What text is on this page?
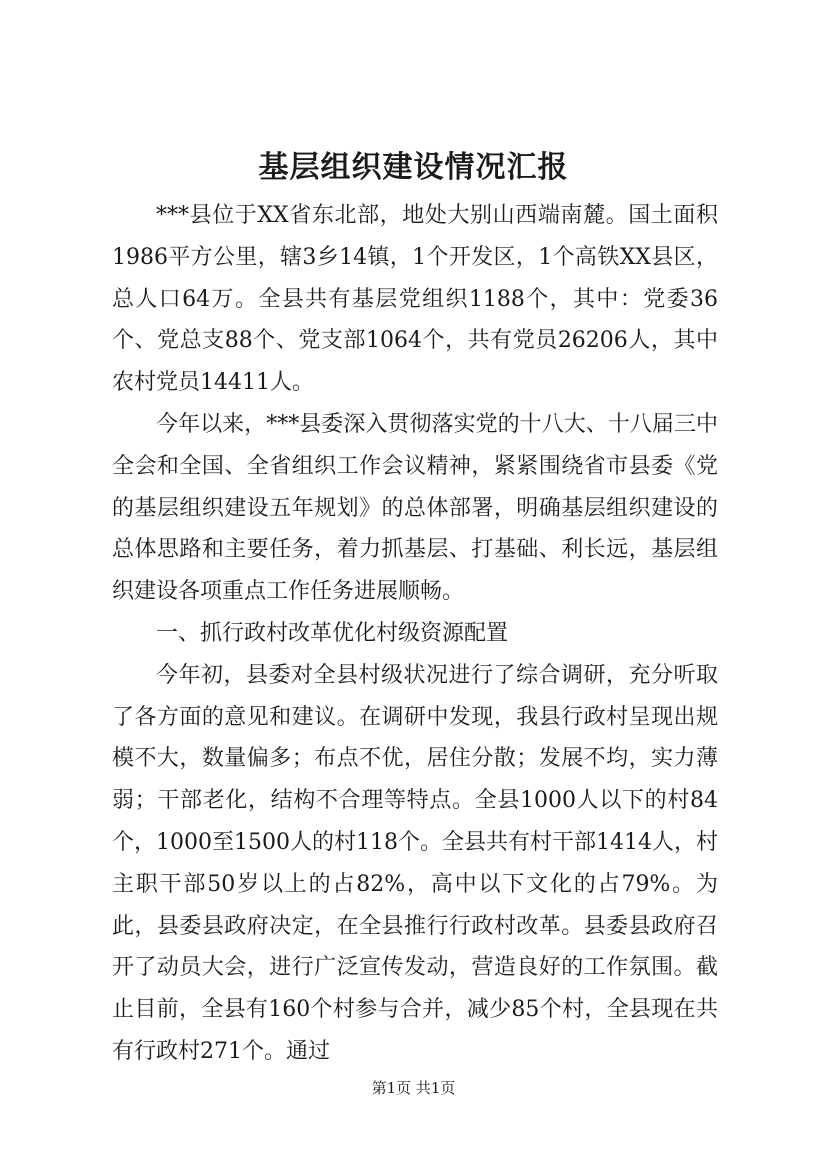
基层组织建设情况汇报

***县位于XX省东北部，地处大别山西端南麓。国土面积1986平方公里，辖3乡14镇，1个开发区，1个高铁XX县区，总人口64万。全县共有基层党组织1188个，其中：党委36个、党总支88个、党支部1064个，共有党员26206人，其中农村党员14411人。

今年以来，***县委深入贯彻落实党的十八大、十八届三中全会和全国、全省组织工作会议精神，紧紧围绕省市县委《党的基层组织建设五年规划》的总体部署，明确基层组织建设的总体思路和主要任务，着力抓基层、打基础、利长远，基层组织建设各项重点工作任务进展顺畅。

一、抓行政村改革优化村级资源配置

今年初，县委对全县村级状况进行了综合调研，充分听取了各方面的意见和建议。在调研中发现，我县行政村呈现出规模不大，数量偏多；布点不优，居住分散；发展不均，实力薄弱；干部老化，结构不合理等特点。全县1000人以下的村84个，1000至1500人的村118个。全县共有村干部1414人，村主职干部50岁以上的占82%，高中以下文化的占79%。为此，县委县政府决定，在全县推行行政村改革。县委县政府召开了动员大会，进行广泛宣传发动，营造良好的工作氛围。截止目前，全县有160个村参与合并，减少85个村，全县现在共有行政村271个。通过

第1页 共1页
